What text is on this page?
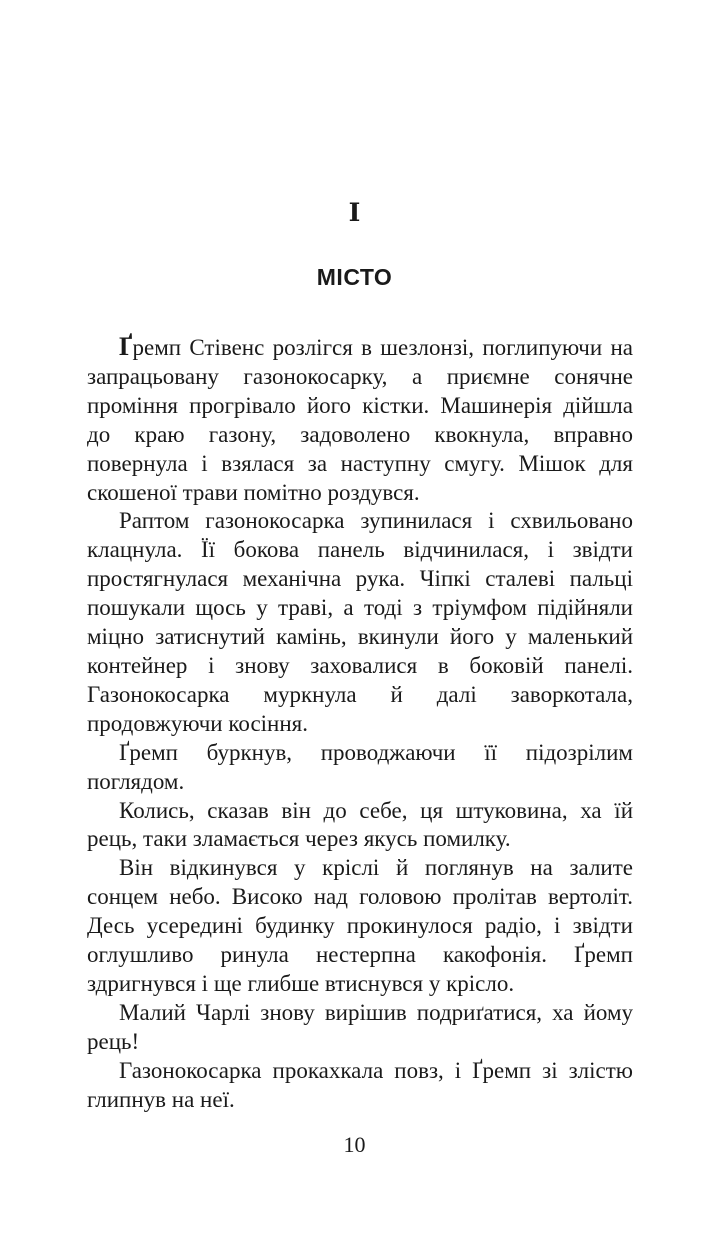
I
МІСТО

Ґремп Стівенс розлігся в шезлонзі, поглипуючи на запрацьовану газонокосарку, а приємне сонячне проміння прогрівало його кістки. Машинерія дійшла до краю газону, задоволено квокнула, вправно повернула і взялася за наступну смугу. Мішок для скошеної трави помітно роздувся.

Раптом газонокосарка зупинилася і схвильовано клацнула. Її бокова панель відчинилася, і звідти простягнулася механічна рука. Чіпкі сталеві пальці пошукали щось у траві, а тоді з тріумфом підійняли міцно затиснутий камінь, вкинули його у маленький контейнер і знову заховалися в боковій панелі. Газонокосарка муркнула й далі заворкотала, продовжуючи косіння.

Ґремп буркнув, проводжаючи її підозрілим поглядом.

Колись, сказав він до себе, ця штуковина, ха їй рець, таки зламається через якусь помилку.

Він відкинувся у кріслі й поглянув на залите сонцем небо. Високо над головою пролітав вертоліт. Десь усередині будинку прокинулося радіо, і звідти оглушливо ринула нестерпна какофонія. Ґремп здригнувся і ще глибше втиснувся у крісло.

Малий Чарлі знову вирішив подриґатися, ха йому рець!

Газонокосарка прокахкала повз, і Ґремп зі злістю глипнув на неї.

10
